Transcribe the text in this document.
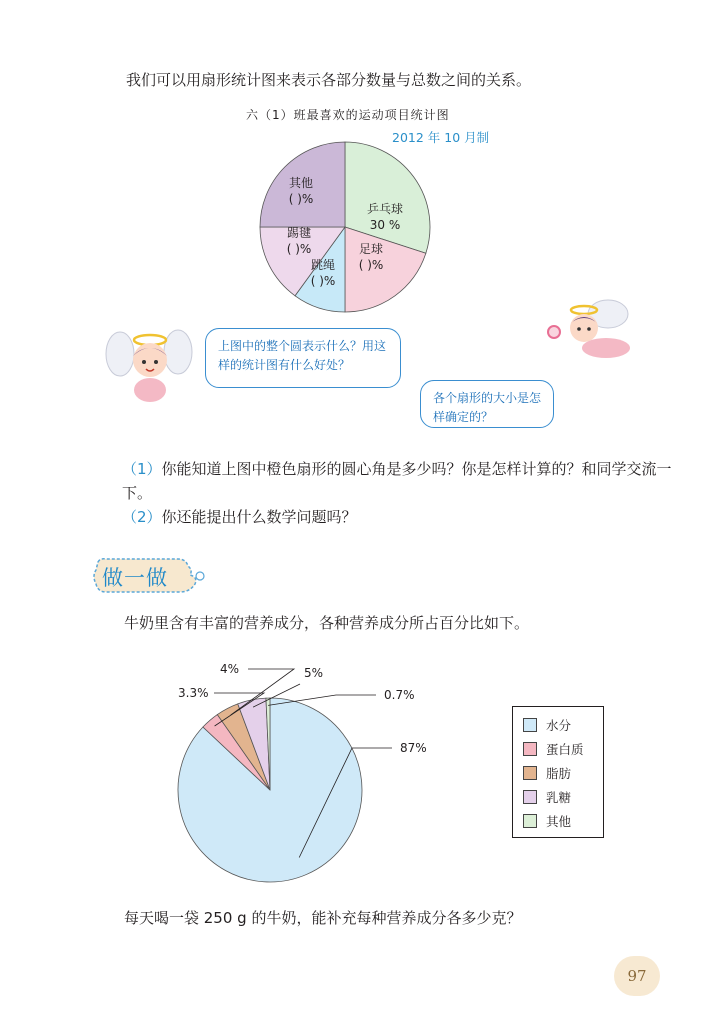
我们可以用扇形统计图来表示各部分数量与总数之间的关系。
六（1）班最喜欢的运动项目统计图
2012 年 10 月制
乒乓球
30 %
足球
( )%
跳绳
( )%
踢毽
( )%
其他
( )%
上图中的整个圆表示什么？用这样的统计图有什么好处？
各个扇形的大小是怎样确定的？
（1）你能知道上图中橙色扇形的圆心角是多少吗？你是怎样计算的？和同学交流一下。
（2）你还能提出什么数学问题吗？
做一做
牛奶里含有丰富的营养成分，各种营养成分所占百分比如下。
87%
3.3%
4%	5%
0.7%
水分
蛋白质
脂肪
乳糖
其他
每天喝一袋 250 g 的牛奶，能补充每种营养成分各多少克？
97
